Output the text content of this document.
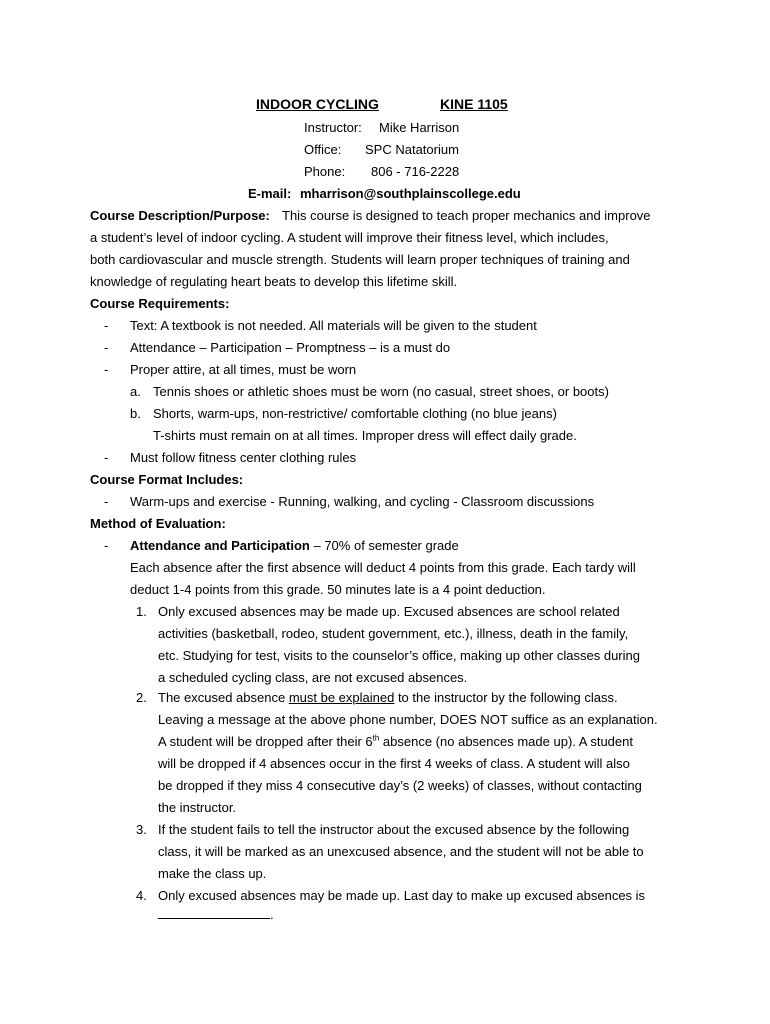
INDOOR CYCLING	KINE 1105
Instructor: Mike Harrison
Office: SPC Natatorium
Phone: 806 - 716-2228
E-mail: mharrison@southplainscollege.edu
Course Description/Purpose: This course is designed to teach proper mechanics and improve
a student’s level of indoor cycling. A student will improve their fitness level, which includes,
both cardiovascular and muscle strength. Students will learn proper techniques of training and
knowledge of regulating heart beats to develop this lifetime skill.
Course Requirements:
- Text: A textbook is not needed. All materials will be given to the student
- Attendance – Participation – Promptness – is a must do
- Proper attire, at all times, must be worn
a. Tennis shoes or athletic shoes must be worn (no casual, street shoes, or boots)
b. Shorts, warm-ups, non-restrictive/ comfortable clothing (no blue jeans)
T-shirts must remain on at all times. Improper dress will effect daily grade.
- Must follow fitness center clothing rules
Course Format Includes:
- Warm-ups and exercise - Running, walking, and cycling - Classroom discussions
Method of Evaluation:
- Attendance and Participation – 70% of semester grade
Each absence after the first absence will deduct 4 points from this grade. Each tardy will
deduct 1-4 points from this grade. 50 minutes late is a 4 point deduction.
1. Only excused absences may be made up. Excused absences are school related
activities (basketball, rodeo, student government, etc.), illness, death in the family,
etc. Studying for test, visits to the counselor’s office, making up other classes during
a scheduled cycling class, are not excused absences.
2. The excused absence must be explained to the instructor by the following class.
Leaving a message at the above phone number, DOES NOT suffice as an explanation.
A student will be dropped after their 6th absence (no absences made up). A student
will be dropped if 4 absences occur in the first 4 weeks of class. A student will also
be dropped if they miss 4 consecutive day’s (2 weeks) of classes, without contacting
the instructor.
3. If the student fails to tell the instructor about the excused absence by the following
class, it will be marked as an unexcused absence, and the student will not be able to
make the class up.
4. Only excused absences may be made up. Last day to make up excused absences is
.
